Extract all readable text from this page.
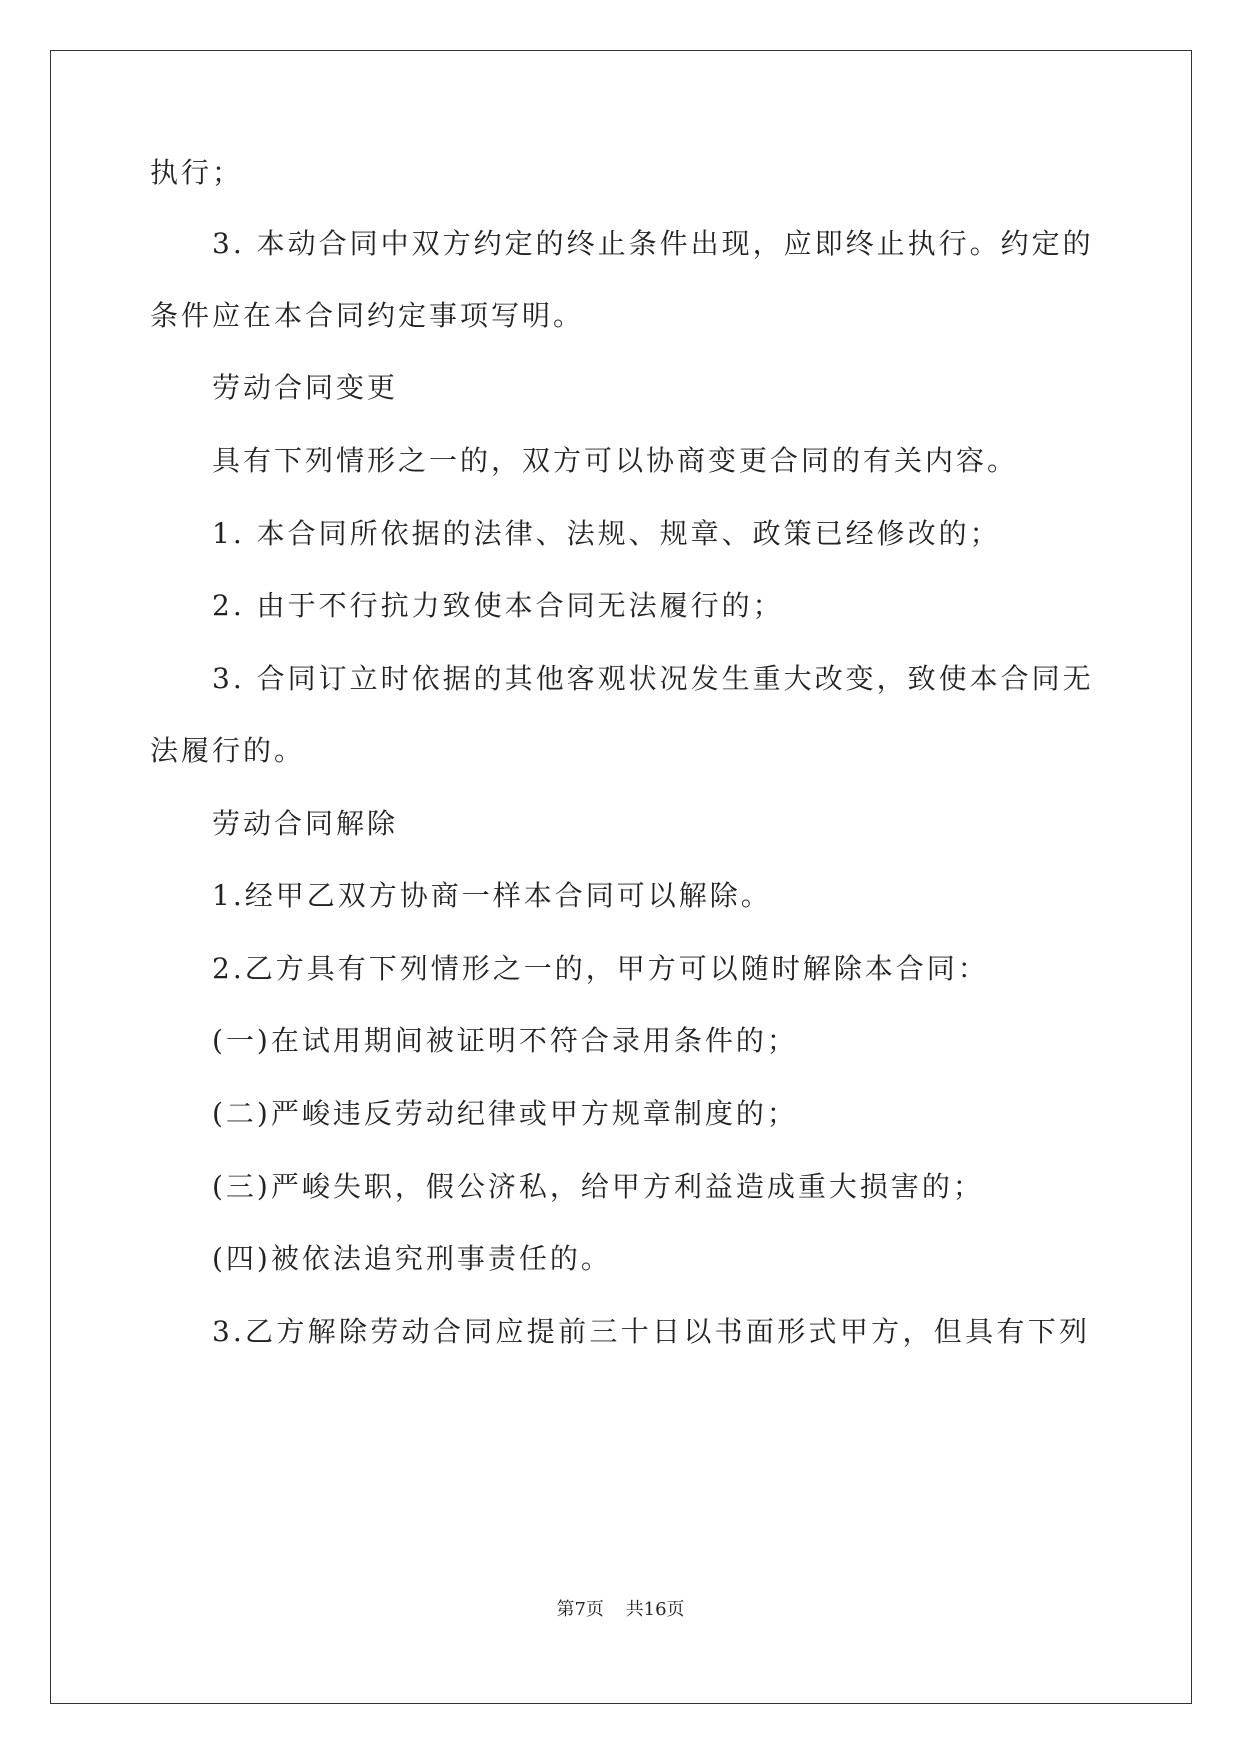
执行；
3. 本动合同中双方约定的终止条件出现，应即终止执行。约定的
条件应在本合同约定事项写明。
劳动合同变更
具有下列情形之一的，双方可以协商变更合同的有关内容。
1. 本合同所依据的法律、法规、规章、政策已经修改的；
2. 由于不行抗力致使本合同无法履行的；
3. 合同订立时依据的其他客观状况发生重大改变，致使本合同无
法履行的。
劳动合同解除
1.经甲乙双方协商一样本合同可以解除。
2.乙方具有下列情形之一的，甲方可以随时解除本合同：
(一)在试用期间被证明不符合录用条件的；
(二)严峻违反劳动纪律或甲方规章制度的；
(三)严峻失职，假公济私，给甲方利益造成重大损害的；
(四)被依法追究刑事责任的。
3.乙方解除劳动合同应提前三十日以书面形式甲方，但具有下列
第7页 共16页
